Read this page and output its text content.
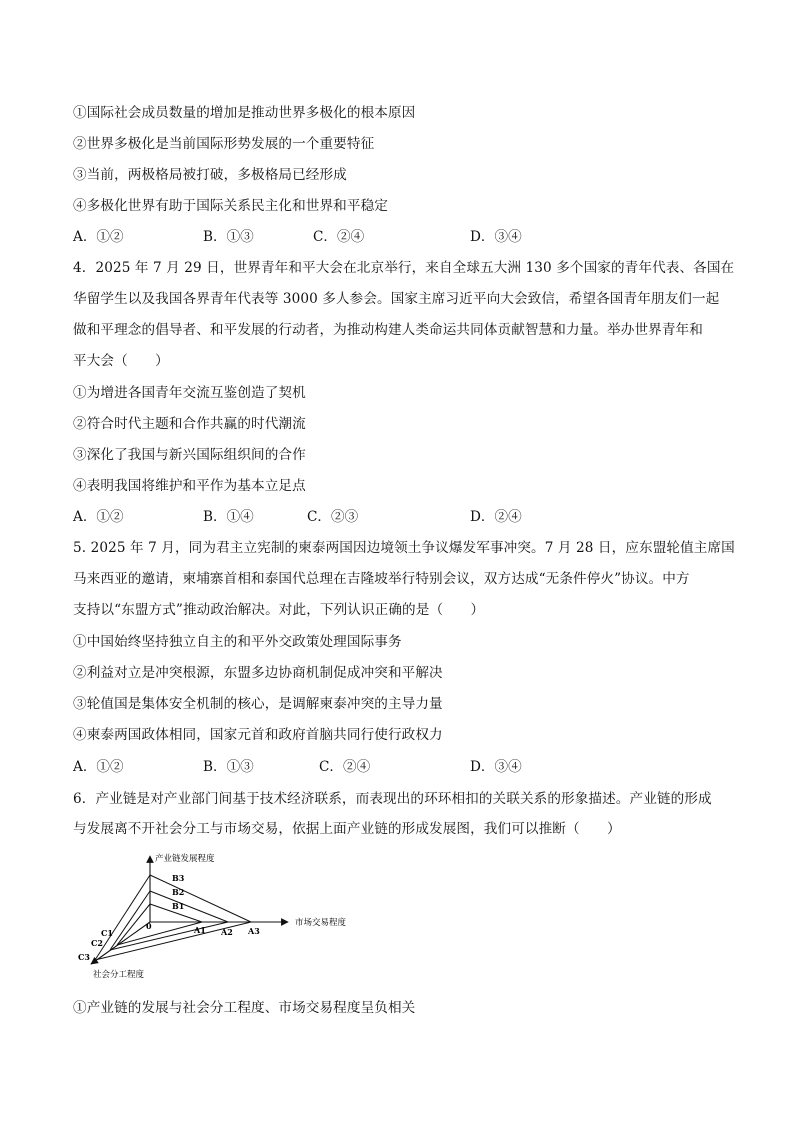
①国际社会成员数量的增加是推动世界多极化的根本原因
②世界多极化是当前国际形势发展的一个重要特征
③当前，两极格局被打破，多极格局已经形成
④多极化世界有助于国际关系民主化和世界和平稳定
A．①②	B．①③	C．②④	D．③④
4．2025 年 7 月 29 日，世界青年和平大会在北京举行，来自全球五大洲 130 多个国家的青年代表、各国在
华留学生以及我国各界青年代表等 3000 多人参会。国家主席习近平向大会致信，希望各国青年朋友们一起
做和平理念的倡导者、和平发展的行动者，为推动构建人类命运共同体贡献智慧和力量。举办世界青年和
平大会（　　）
①为增进各国青年交流互鉴创造了契机
②符合时代主题和合作共赢的时代潮流
③深化了我国与新兴国际组织间的合作
④表明我国将维护和平作为基本立足点
A．①②	B．①④	C．②③	D．②④
5. 2025 年 7 月，同为君主立宪制的柬泰两国因边境领土争议爆发军事冲突。7 月 28 日，应东盟轮值主席国
马来西亚的邀请，柬埔寨首相和泰国代总理在吉隆坡举行特别会议，双方达成“无条件停火”协议。中方
支持以“东盟方式”推动政治解决。对此，下列认识正确的是（　　）
①中国始终坚持独立自主的和平外交政策处理国际事务
②利益对立是冲突根源，东盟多边协商机制促成冲突和平解决
③轮值国是集体安全机制的核心，是调解柬泰冲突的主导力量
④柬泰两国政体相同，国家元首和政府首脑共同行使行政权力
A．①②	B．①③	C．②④	D．③④
6．产业链是对产业部门间基于技术经济联系，而表现出的环环相扣的关联关系的形象描述。产业链的形成
与发展离不开社会分工与市场交易，依据上面产业链的形成发展图，我们可以推断（　　）
产业链发展程度
市场交易程度
社会分工程度
0
B1
B2
B3
A1 A2 A3
C1
C2
C3
①产业链的发展与社会分工程度、市场交易程度呈负相关
